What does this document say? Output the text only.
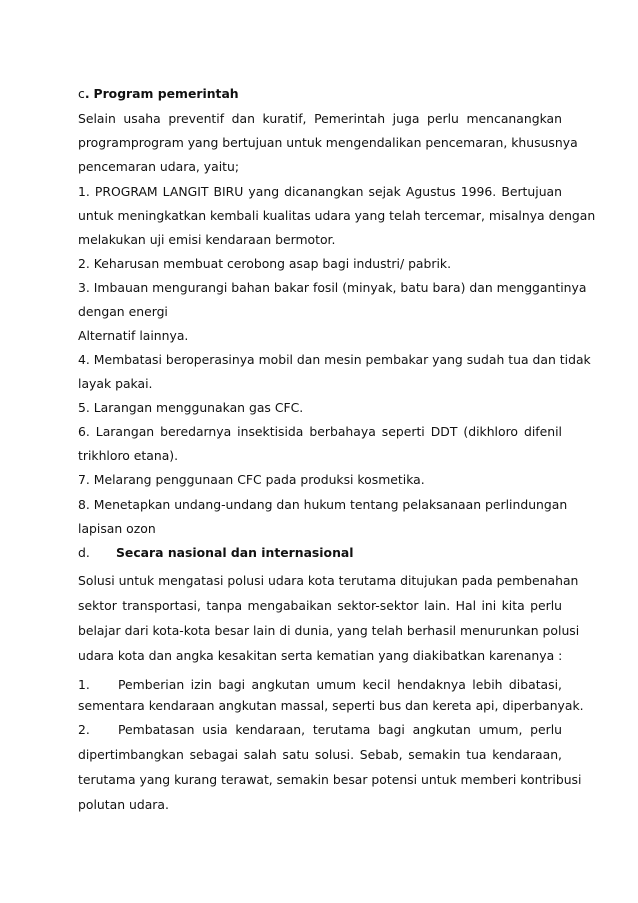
c. Program pemerintah
Selain usaha preventif dan kuratif, Pemerintah juga perlu mencanangkan
programprogram yang bertujuan untuk mengendalikan pencemaran, khususnya
pencemaran udara, yaitu;
1. PROGRAM LANGIT BIRU yang dicanangkan sejak Agustus 1996. Bertujuan
untuk meningkatkan kembali kualitas udara yang telah tercemar, misalnya dengan
melakukan uji emisi kendaraan bermotor.
2. Keharusan membuat cerobong asap bagi industri/ pabrik.
3. Imbauan mengurangi bahan bakar fosil (minyak, batu bara) dan menggantinya
dengan energi
Alternatif lainnya.
4. Membatasi beroperasinya mobil dan mesin pembakar yang sudah tua dan tidak
layak pakai.
5. Larangan menggunakan gas CFC.
6. Larangan beredarnya insektisida berbahaya seperti DDT (dikhloro difenil
trikhloro etana).
7. Melarang penggunaan CFC pada produksi kosmetika.
8. Menetapkan undang-undang dan hukum tentang pelaksanaan perlindungan
lapisan ozon
d. Secara nasional dan internasional
Solusi untuk mengatasi polusi udara kota terutama ditujukan pada pembenahan
sektor transportasi, tanpa mengabaikan sektor-sektor lain. Hal ini kita perlu
belajar dari kota-kota besar lain di dunia, yang telah berhasil menurunkan polusi
udara kota dan angka kesakitan serta kematian yang diakibatkan karenanya :
1. Pemberian izin bagi angkutan umum kecil hendaknya lebih dibatasi,
sementara kendaraan angkutan massal, seperti bus dan kereta api, diperbanyak.
2. Pembatasan usia kendaraan, terutama bagi angkutan umum, perlu
dipertimbangkan sebagai salah satu solusi. Sebab, semakin tua kendaraan,
terutama yang kurang terawat, semakin besar potensi untuk memberi kontribusi
polutan udara.
